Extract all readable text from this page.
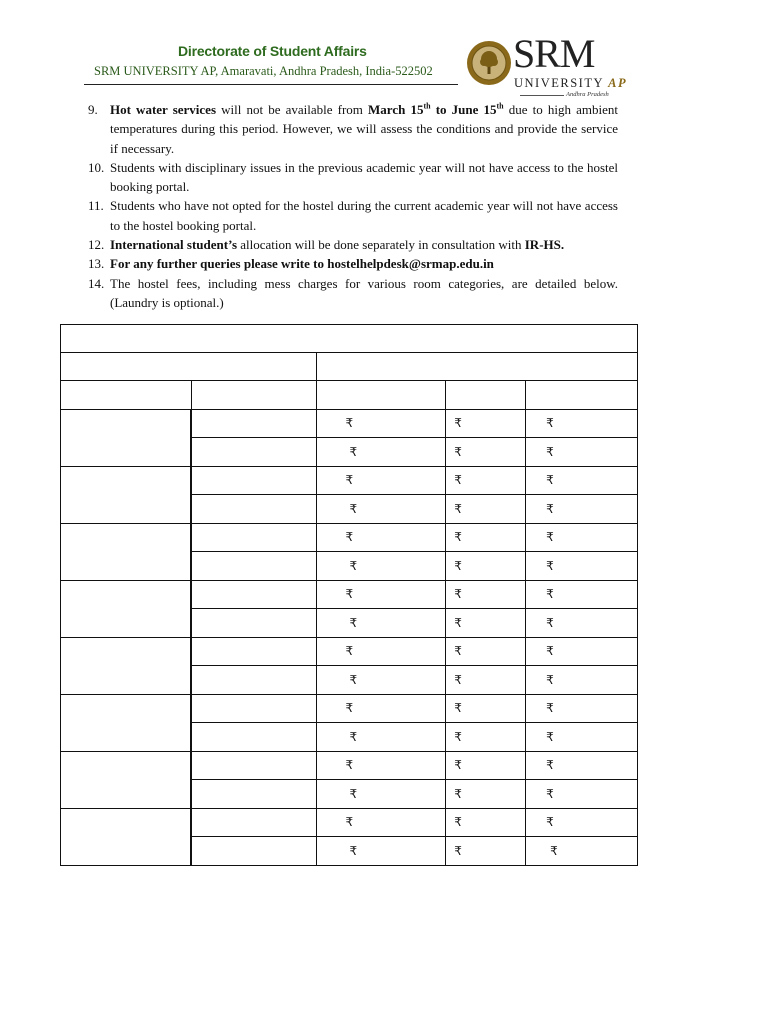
Directorate of Student Affairs
SRM UNIVERSITY AP, Amaravati, Andhra Pradesh, India-522502 SRM
UNIVERSITY AP
Andhra Pradesh
9. Hot water services will not be available from March 15th to June 15th due to high ambient temperatures during this period. However, we will assess the conditions and provide the service if necessary.
10. Students with disciplinary issues in the previous academic year will not have access to the hostel booking portal.
11. Students who have not opted for the hostel during the current academic year will not have access to the hostel booking portal.
12. International student’s allocation will be done separately in consultation with IR-HS.
13. For any further queries please write to hostelhelpdesk@srmap.edu.in
14. The hostel fees, including mess charges for various room categories, are detailed below. (Laundry is optional.)

		₹	₹	₹
		₹	₹	₹
		₹	₹	₹
		₹	₹	₹
		₹	₹	₹
		₹	₹	₹
		₹	₹	₹
		₹	₹	₹
		₹	₹	₹
		₹	₹	₹
		₹	₹	₹
		₹	₹	₹
		₹	₹	₹
		₹	₹	₹
		₹	₹	₹
		₹	₹	₹
